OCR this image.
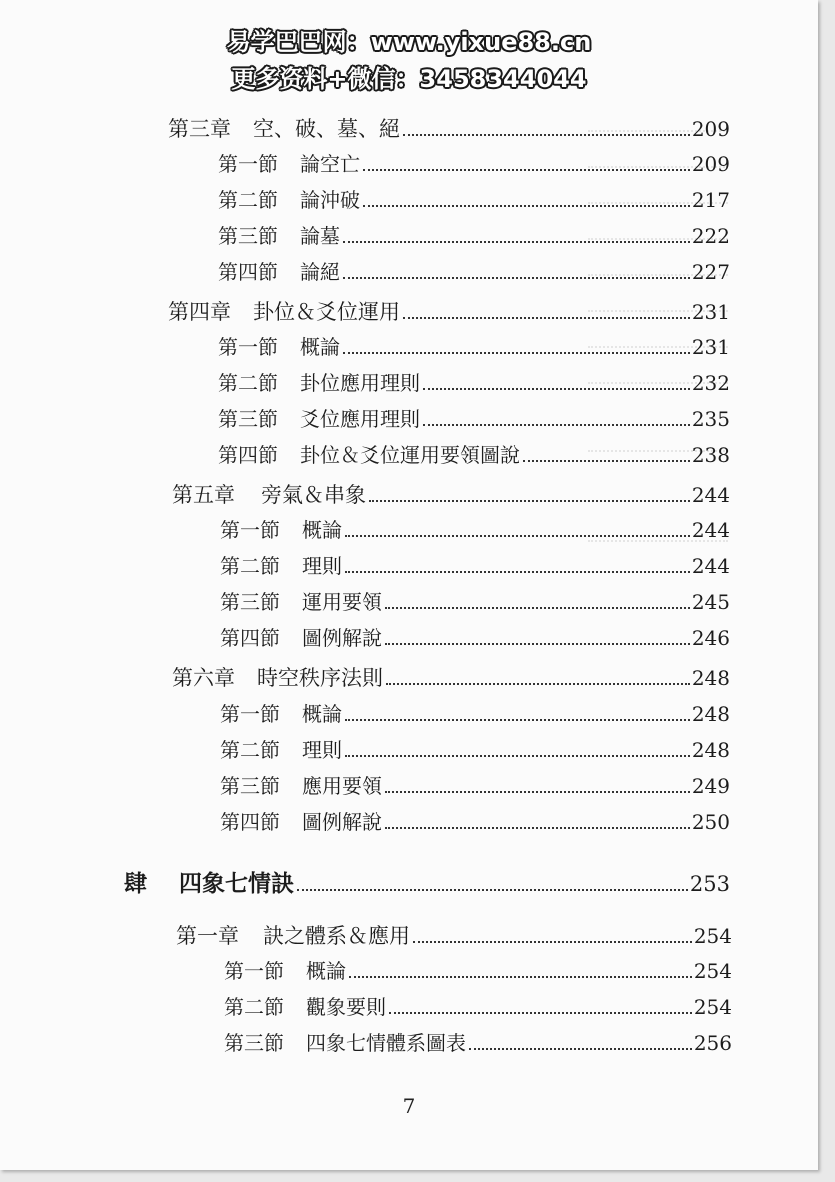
易学巴巴网：www.yixue88.cn
更多资料+微信：3458344044
第三章 空、破、墓、絕	209
第一節 論空亡	209
第二節 論沖破	217
第三節 論墓	222
第四節 論絕	227
第四章 卦位＆爻位運用	231
第一節 概論	231
第二節 卦位應用理則	232
第三節 爻位應用理則	235
第四節 卦位＆爻位運用要領圖說	238
第五章 旁氣＆串象	244
第一節 概論	244
第二節 理則	244
第三節 運用要領	245
第四節 圖例解說	246
第六章 時空秩序法則	248
第一節 概論	248
第二節 理則	248
第三節 應用要領	249
第四節 圖例解說	250
肆 四象七情訣	253
第一章 訣之體系＆應用	254
第一節 概論	254
第二節 觀象要則	254
第三節 四象七情體系圖表	256
7
